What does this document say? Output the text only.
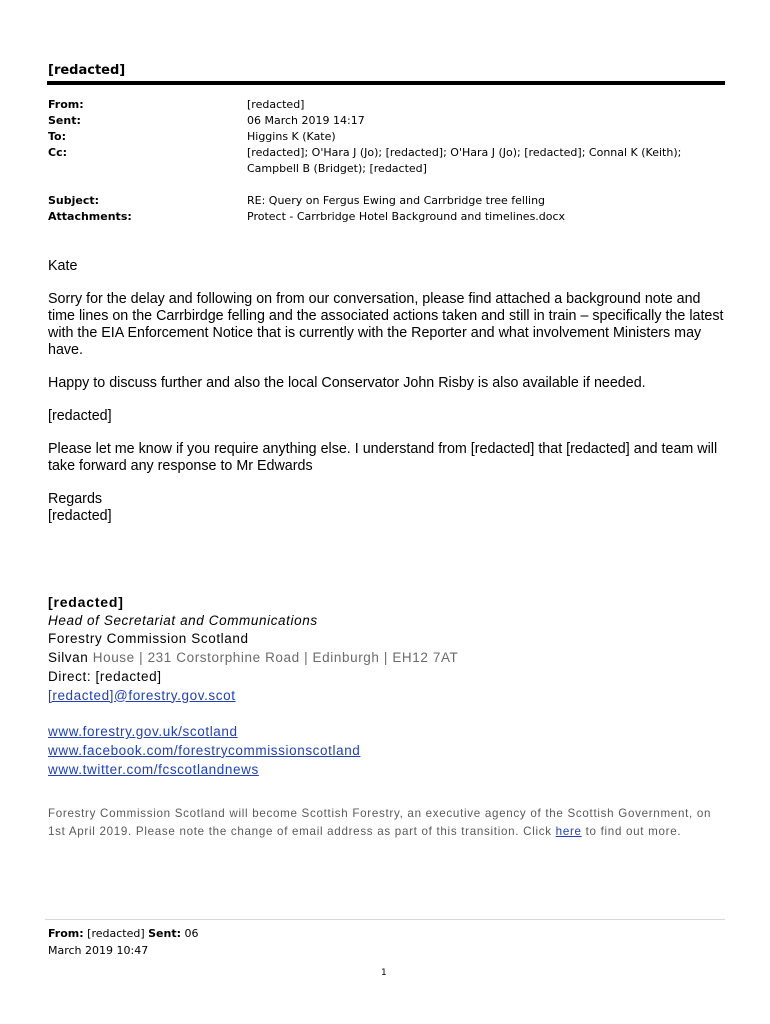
[redacted]
From:	[redacted]
Sent:	06 March 2019 14:17
To:	Higgins K (Kate)
Cc:	[redacted]; O'Hara J (Jo); [redacted]; O'Hara J (Jo); [redacted]; Connal K (Keith);
Campbell B (Bridget); [redacted]
Subject:	RE: Query on Fergus Ewing and Carrbridge tree felling
Attachments:	Protect - Carrbridge Hotel Background and timelines.docx

Kate

Sorry for the delay and following on from our conversation, please find attached a background note and time lines on the Carrbirdge felling and the associated actions taken and still in train – specifically the latest with the EIA Enforcement Notice that is currently with the Reporter and what involvement Ministers may have.

Happy to discuss further and also the local Conservator John Risby is also available if needed.

[redacted]

Please let me know if you require anything else. I understand from [redacted] that [redacted] and team will take forward any response to Mr Edwards

Regards

[redacted]

[redacted]
Head of Secretariat and Communications
Forestry Commission Scotland
Silvan House | 231 Corstorphine Road | Edinburgh | EH12 7AT
Direct: [redacted]
[redacted]@forestry.gov.scot
www.forestry.gov.uk/scotland
www.facebook.com/forestrycommissionscotland
www.twitter.com/fcscotlandnews
Forestry Commission Scotland will become Scottish Forestry, an executive agency of the Scottish Government, on 1st April 2019. Please note the change of email address as part of this transition. Click here to find out more.
From: [redacted] Sent: 06
March 2019 10:47
1
